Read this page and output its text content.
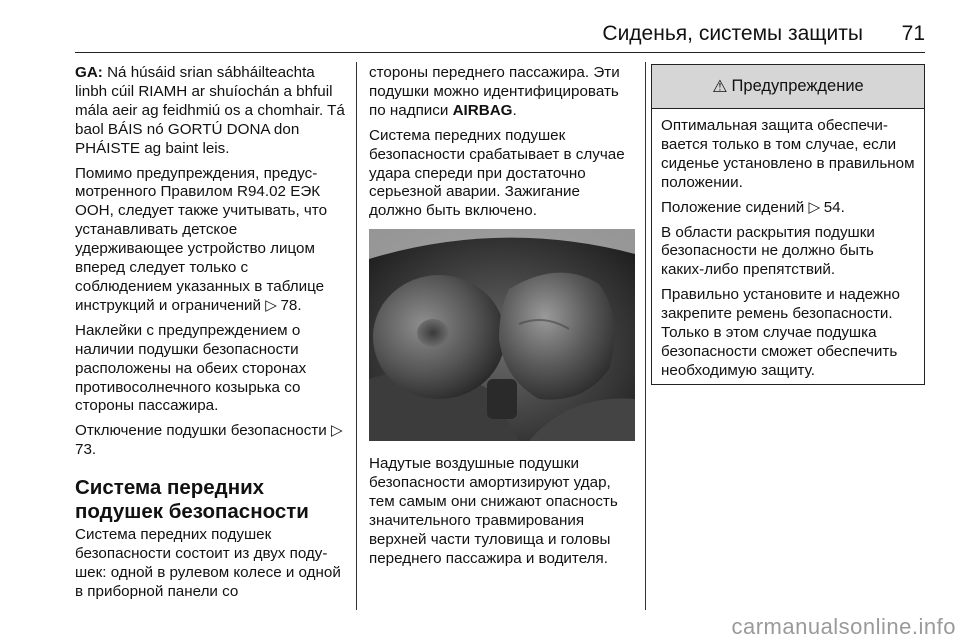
Сиденья, системы защиты 71

GA: Ná húsáid srian sábháilteachta linbh cúil RIAMH ar shuíochán a bhfuil mála aeir ag feidhmiú os a chomhair. Tá baol BÁIS nó GORTÚ DONA don PHÁISTE ag baint leis.

Помимо предупреждения, предусмотренного Правилом R94.02 ЕЭК ООН, следует также учитывать, что устанавливать детское удерживающее устройство лицом вперед следует только с соблюдением указанных в таблице инструкций и ограничений ▷ 78.

Наклейки с предупреждением о наличии подушки безопасности расположены на обеих сторонах противосолнечного козырька со стороны пассажира.

Отключение подушки безопасности ▷ 73.

Система передних подушек безопасности

Система передних подушек безопасности состоит из двух подушек: одной в рулевом колесе и одной в приборной панели со

стороны переднего пассажира. Эти подушки можно идентифицировать по надписи AIRBAG.

Система передних подушек безопасности срабатывает в случае удара спереди при достаточно серьезной аварии. Зажигание должно быть включено.

Надутые воздушные подушки безопасности амортизируют удар, тем самым они снижают опасность значительного травмирования верхней части туловища и головы переднего пассажира и водителя.

⚠ Предупреждение

Оптимальная защита обеспечивается только в том случае, если сиденье установлено в правильном положении.

Положение сидений ▷ 54.

В области раскрытия подушки безопасности не должно быть каких-либо препятствий.

Правильно установите и надежно закрепите ремень безопасности. Только в этом случае подушка безопасности сможет обеспечить необходимую защиту.

carmanualsonline.info
